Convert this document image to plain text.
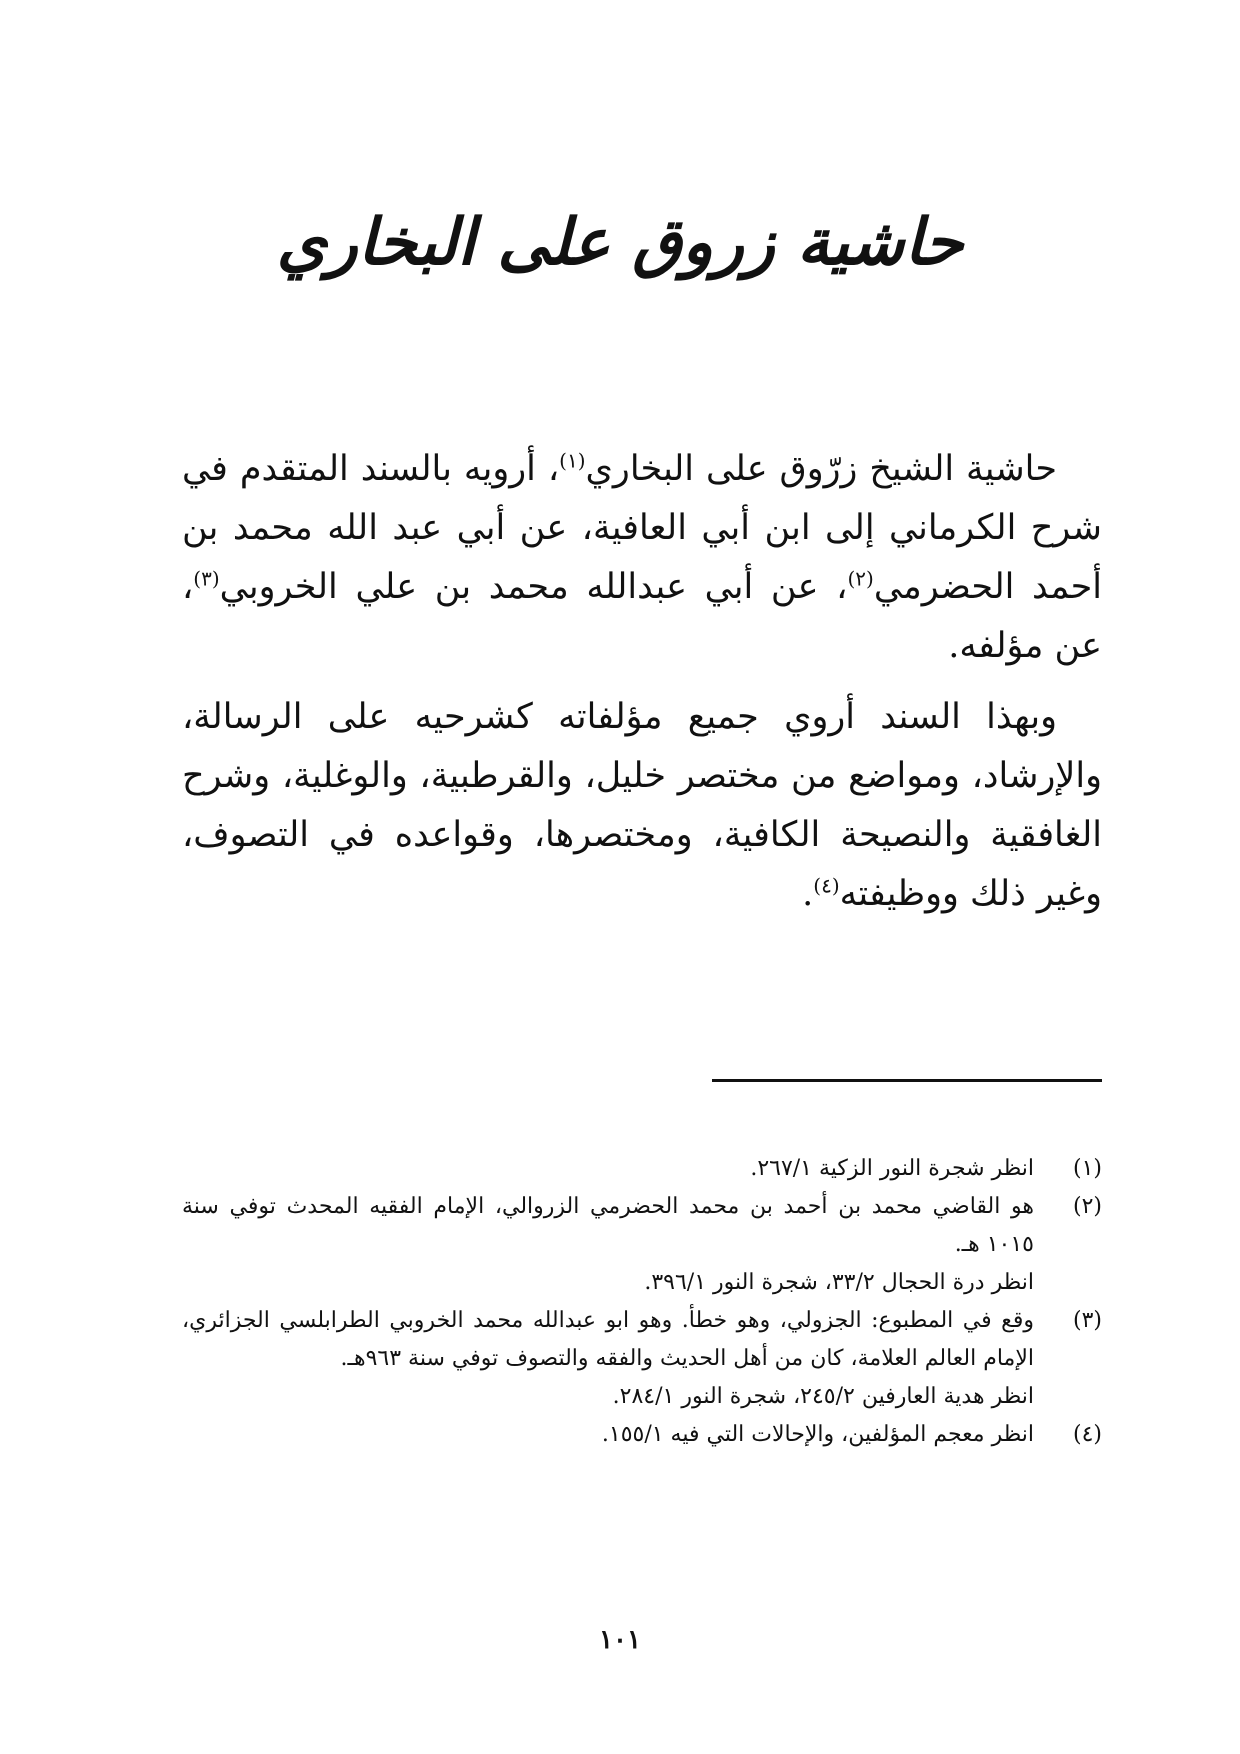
حاشية زروق على البخاري

حاشية الشيخ زرّوق على البخاري$^{(١)}$، أرويه بالسند المتقدم في شرح الكرماني إلى ابن أبي العافية، عن أبي عبد الله محمد بن أحمد الحضرمي$^{(٢)}$، عن أبي عبدالله محمد بن علي الخروبي$^{(٣)}$، عن مؤلفه.

وبهذا السند أروي جميع مؤلفاته كشرحيه على الرسالة، والإرشاد، ومواضع من مختصر خليل، والقرطبية، والوغلية، وشرح الغافقية والنصيحة الكافية، ومختصرها، وقواعده في التصوف، وغير ذلك ووظيفته$^{(٤)}$.

(١)
انظر شجرة النور الزكية ٢٦٧/١.
(٢)
هو القاضي محمد بن أحمد بن محمد الحضرمي الزروالي، الإمام الفقيه المحدث توفي سنة ١٠١٥ هـ.
انظر درة الحجال ٣٣/٢، شجرة النور ٣٩٦/١.
(٣)
وقع في المطبوع: الجزولي، وهو خطأ. وهو ابو عبدالله محمد الخروبي الطرابلسي الجزائري، الإمام العالم العلامة، كان من أهل الحديث والفقه والتصوف توفي سنة ٩٦٣هـ.
انظر هدية العارفين ٢٤٥/٢، شجرة النور ٢٨٤/١.
(٤)
انظر معجم المؤلفين، والإحالات التي فيه ١٥٥/١.
١٠١
